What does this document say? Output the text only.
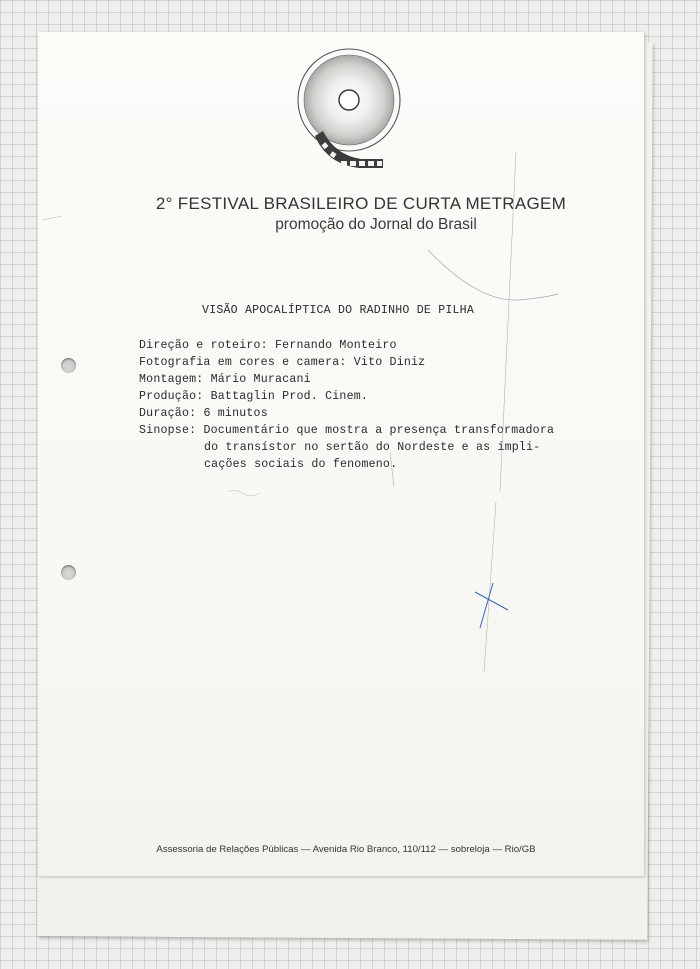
2° FESTIVAL BRASILEIRO DE CURTA METRAGEM
promoção do Jornal do Brasil
VISÃO APOCALÍPTICA DO RADINHO DE PILHA
Direção e roteiro: Fernando Monteiro
Fotografia em cores e camera: Vito Diniz
Montagem: Mário Muracani
Produção: Battaglin Prod. Cinem.
Duração: 6 minutos
Sinopse: Documentário que mostra a presença transformadora
do transístor no sertão do Nordeste e as impli-
cações sociais do fenomeno.
Assessoria de Relações Públicas — Avenida Rio Branco, 110/112 — sobreloja — Rio/GB
